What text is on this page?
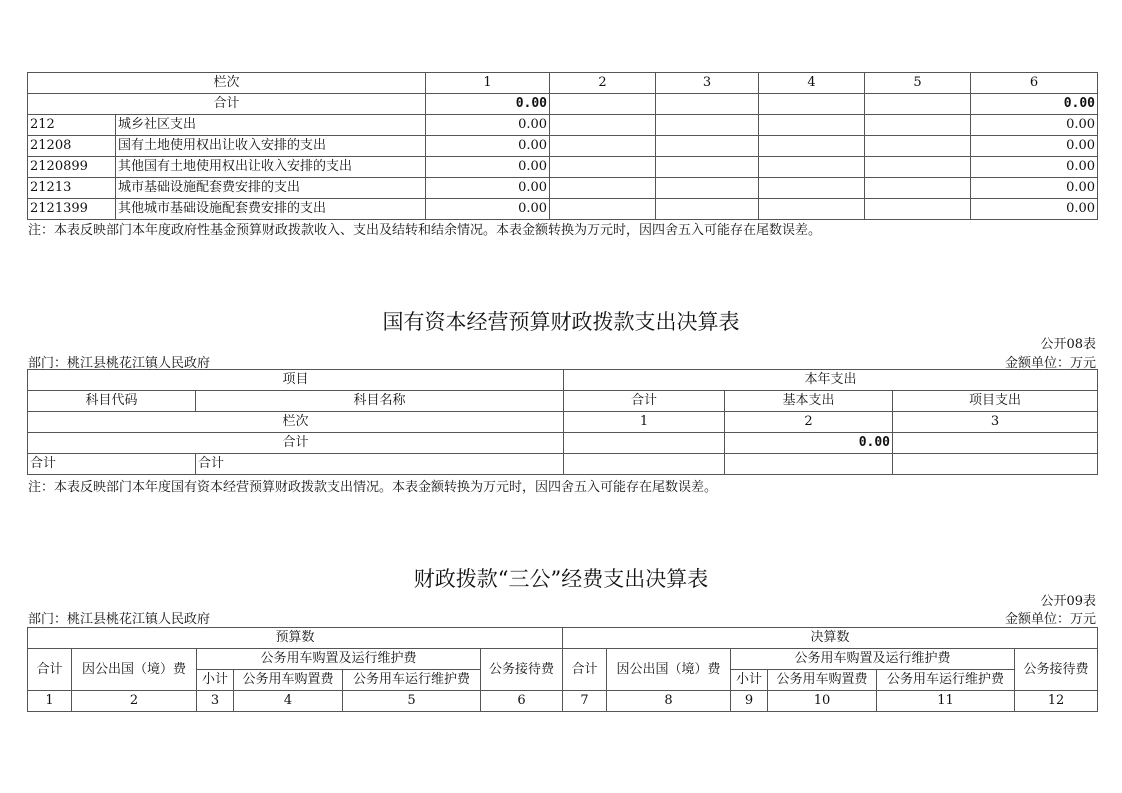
栏次		1	2	3	4	5	6
合计		0.00					0.00
212	城乡社区支出	0.00					0.00
21208	国有土地使用权出让收入安排的支出	0.00					0.00
2120899	其他国有土地使用权出让收入安排的支出	0.00					0.00
21213	城市基础设施配套费安排的支出	0.00					0.00
2121399	其他城市基础设施配套费安排的支出	0.00					0.00
注：本表反映部门本年度政府性基金预算财政拨款收入、支出及结转和结余情况。本表金额转换为万元时，因四舍五入可能存在尾数误差。
国有资本经营预算财政拨款支出决算表
公开08表
部门：桃江县桃花江镇人民政府	金额单位：万元
项目		本年支出		
科目代码	科目名称	合计	基本支出	项目支出
栏次		1	2	3
合计			0.00	
合计	合计			
注：本表反映部门本年度国有资本经营预算财政拨款支出情况。本表金额转换为万元时，因四舍五入可能存在尾数误差。
财政拨款“三公”经费支出决算表
公开09表
部门：桃江县桃花江镇人民政府	金额单位：万元
预算数						决算数					
合计	因公出国（境）费	公务用车购置及运行维护费			公务接待费	合计	因公出国（境）费	公务用车购置及运行维护费			公务接待费
		小计	公务用车购置费	公务用车运行维护费				小计	公务用车购置费	公务用车运行维护费	
1	2	3	4	5	6	7	8	9	10	11	12
